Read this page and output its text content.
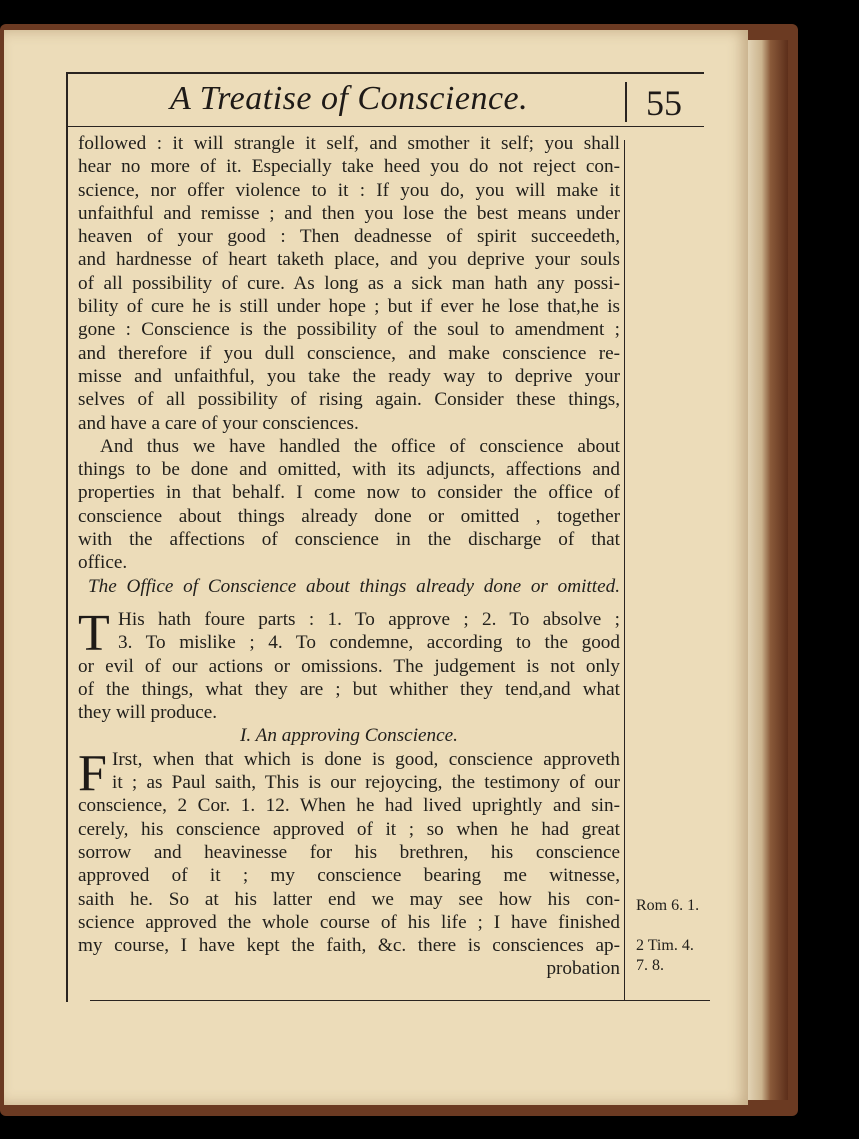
A Treatise of Conscience.	55
followed : it will strangle it self, and smother it self; you shall
hear no more of it. Especially take heed you do not reject con-
science, nor offer violence to it : If you do, you will make it
unfaithful and remisse ; and then you lose the best means under
heaven of your good : Then deadnesse of spirit succeedeth,
and hardnesse of heart taketh place, and you deprive your souls
of all possibility of cure. As long as a sick man hath any possi-
bility of cure he is still under hope ; but if ever he lose that,he is
gone : Conscience is the possibility of the soul to amendment ;
and therefore if you dull conscience, and make conscience re-
misse and unfaithful, you take the ready way to deprive your
selves of all possibility of rising again. Consider these things,
and have a care of your consciences.
And thus we have handled the office of conscience about
things to be done and omitted, with its adjuncts, affections and
properties in that behalf. I come now to consider the office of
conscience about things already done or omitted , together
with the affections of conscience in the discharge of that
office.
The Office of Conscience about things already done or omitted.
T His hath foure parts : 1. To approve ; 2. To absolve ;
3. To mislike ; 4. To condemne, according to the good
or evil of our actions or omissions. The judgement is not only
of the things, what they are ; but whither they tend,and what
they will produce.
I. An approving Conscience.
F Irst, when that which is done is good, conscience approveth
it ; as Paul saith, This is our rejoycing, the testimony of our
conscience, 2 Cor. 1. 12. When he had lived uprightly and sin-
cerely, his conscience approved of it ; so when he had great
sorrow and heavinesse for his brethren, his conscience
approved of it ; my conscience bearing me witnesse,
saith he. So at his latter end we may see how his con-
science approved the whole course of his life ; I have finished
my course, I have kept the faith, &c. there is consciences ap-
probation
Rom 6. 1.
2 Tim. 4.
7. 8.
